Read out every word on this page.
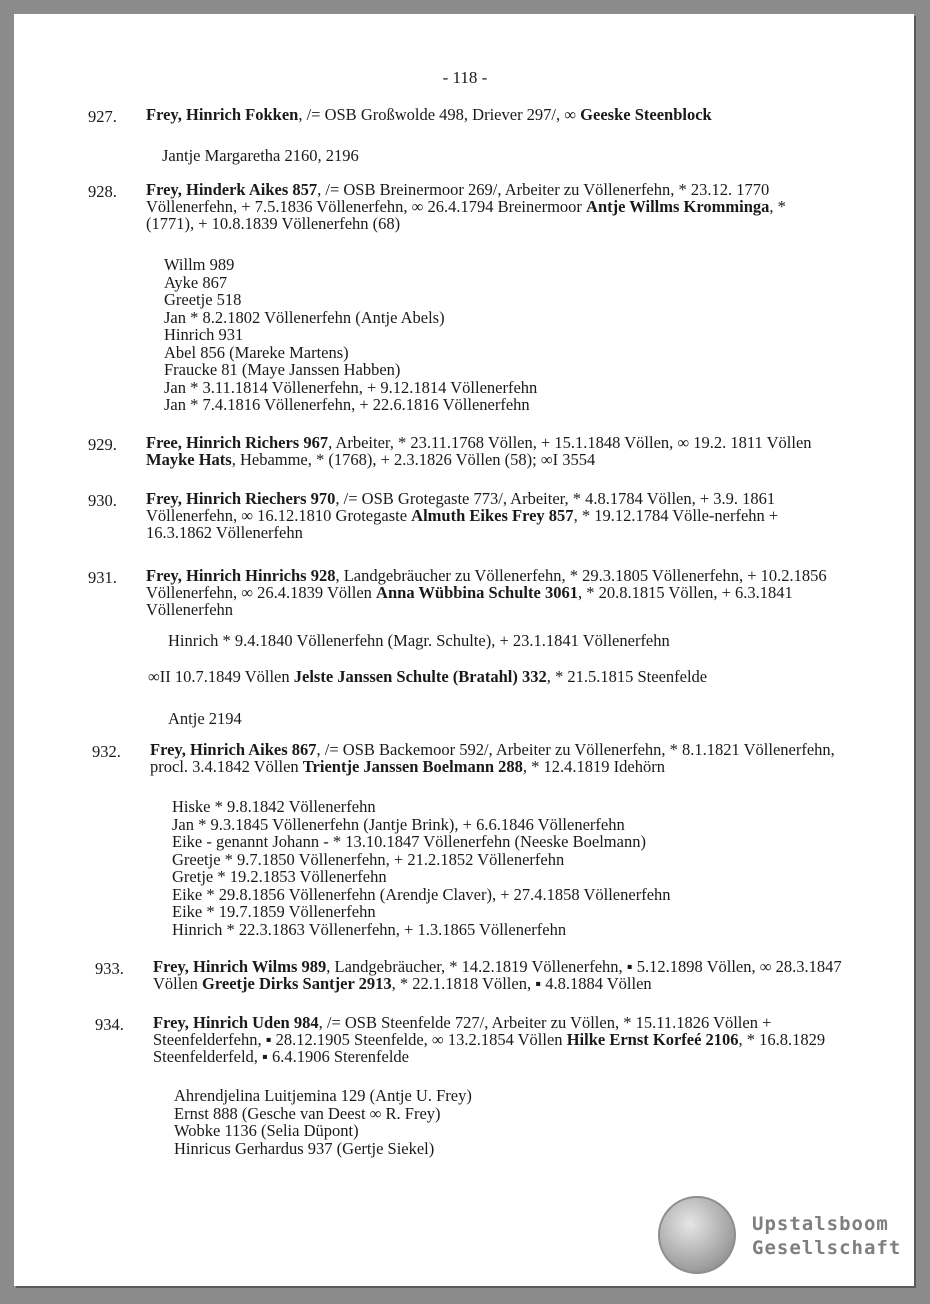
- 118 -
927.	Frey, Hinrich Fokken, /= OSB Großwolde 498, Driever 297/, ∞ Geeske Steenblock
Jantje Margaretha 2160, 2196
928.	Frey, Hinderk Aikes 857, /= OSB Breinermoor 269/, Arbeiter zu Völlenerfehn, * 23.12. 1770 Völlenerfehn, + 7.5.1836 Völlenerfehn, ∞ 26.4.1794 Breinermoor Antje Willms Kromminga, * (1771), + 10.8.1839 Völlenerfehn (68)
Willm 989
Ayke 867
Greetje 518
Jan * 8.2.1802 Völlenerfehn (Antje Abels)
Hinrich 931
Abel 856 (Mareke Martens)
Fraucke 81 (Maye Janssen Habben)
Jan * 3.11.1814 Völlenerfehn, + 9.12.1814 Völlenerfehn
Jan * 7.4.1816 Völlenerfehn, + 22.6.1816 Völlenerfehn
929.	Free, Hinrich Richers 967, Arbeiter, * 23.11.1768 Völlen, + 15.1.1848 Völlen, ∞ 19.2. 1811 Völlen Mayke Hats, Hebamme, * (1768), + 2.3.1826 Völlen (58); ∞I 3554
930.	Frey, Hinrich Riechers 970, /= OSB Grotegaste 773/, Arbeiter, * 4.8.1784 Völlen, + 3.9. 1861 Völlenerfehn, ∞ 16.12.1810 Grotegaste Almuth Eikes Frey 857, * 19.12.1784 Völle-nerfehn + 16.3.1862 Völlenerfehn
931.	Frey, Hinrich Hinrichs 928, Landgebräucher zu Völlenerfehn, * 29.3.1805 Völlenerfehn, + 10.2.1856 Völlenerfehn, ∞ 26.4.1839 Völlen Anna Wübbina Schulte 3061, * 20.8.1815 Völlen, + 6.3.1841 Völlenerfehn
Hinrich * 9.4.1840 Völlenerfehn (Magr. Schulte), + 23.1.1841 Völlenerfehn
∞II 10.7.1849 Völlen Jelste Janssen Schulte (Bratahl) 332, * 21.5.1815 Steenfelde
Antje 2194
932.	Frey, Hinrich Aikes 867, /= OSB Backemoor 592/, Arbeiter zu Völlenerfehn, * 8.1.1821 Völlenerfehn, procl. 3.4.1842 Völlen Trientje Janssen Boelmann 288, * 12.4.1819 Idehörn
Hiske * 9.8.1842 Völlenerfehn
Jan * 9.3.1845 Völlenerfehn (Jantje Brink), + 6.6.1846 Völlenerfehn
Eike - genannt Johann - * 13.10.1847 Völlenerfehn (Neeske Boelmann)
Greetje * 9.7.1850 Völlenerfehn, + 21.2.1852 Völlenerfehn
Gretje * 19.2.1853 Völlenerfehn
Eike * 29.8.1856 Völlenerfehn (Arendje Claver), + 27.4.1858 Völlenerfehn
Eike * 19.7.1859 Völlenerfehn
Hinrich * 22.3.1863 Völlenerfehn, + 1.3.1865 Völlenerfehn
933.	Frey, Hinrich Wilms 989, Landgebräucher, * 14.2.1819 Völlenerfehn, ▪ 5.12.1898 Völlen, ∞ 28.3.1847 Völlen Greetje Dirks Santjer 2913, * 22.1.1818 Völlen, ▪ 4.8.1884 Völlen
934.	Frey, Hinrich Uden 984, /= OSB Steenfelde 727/, Arbeiter zu Völlen, * 15.11.1826 Völlen + Steenfelderfehn, ▪ 28.12.1905 Steenfelde, ∞ 13.2.1854 Völlen Hilke Ernst Korfeé 2106, * 16.8.1829 Steenfelderfeld, ▪ 6.4.1906 Sterenfelde
Ahrendjelina Luitjemina 129 (Antje U. Frey)
Ernst 888 (Gesche van Deest ∞ R. Frey)
Wobke 1136 (Selia Düpont)
Hinricus Gerhardus 937 (Gertje Siekel)
Upstalsboom
Gesellschaft
